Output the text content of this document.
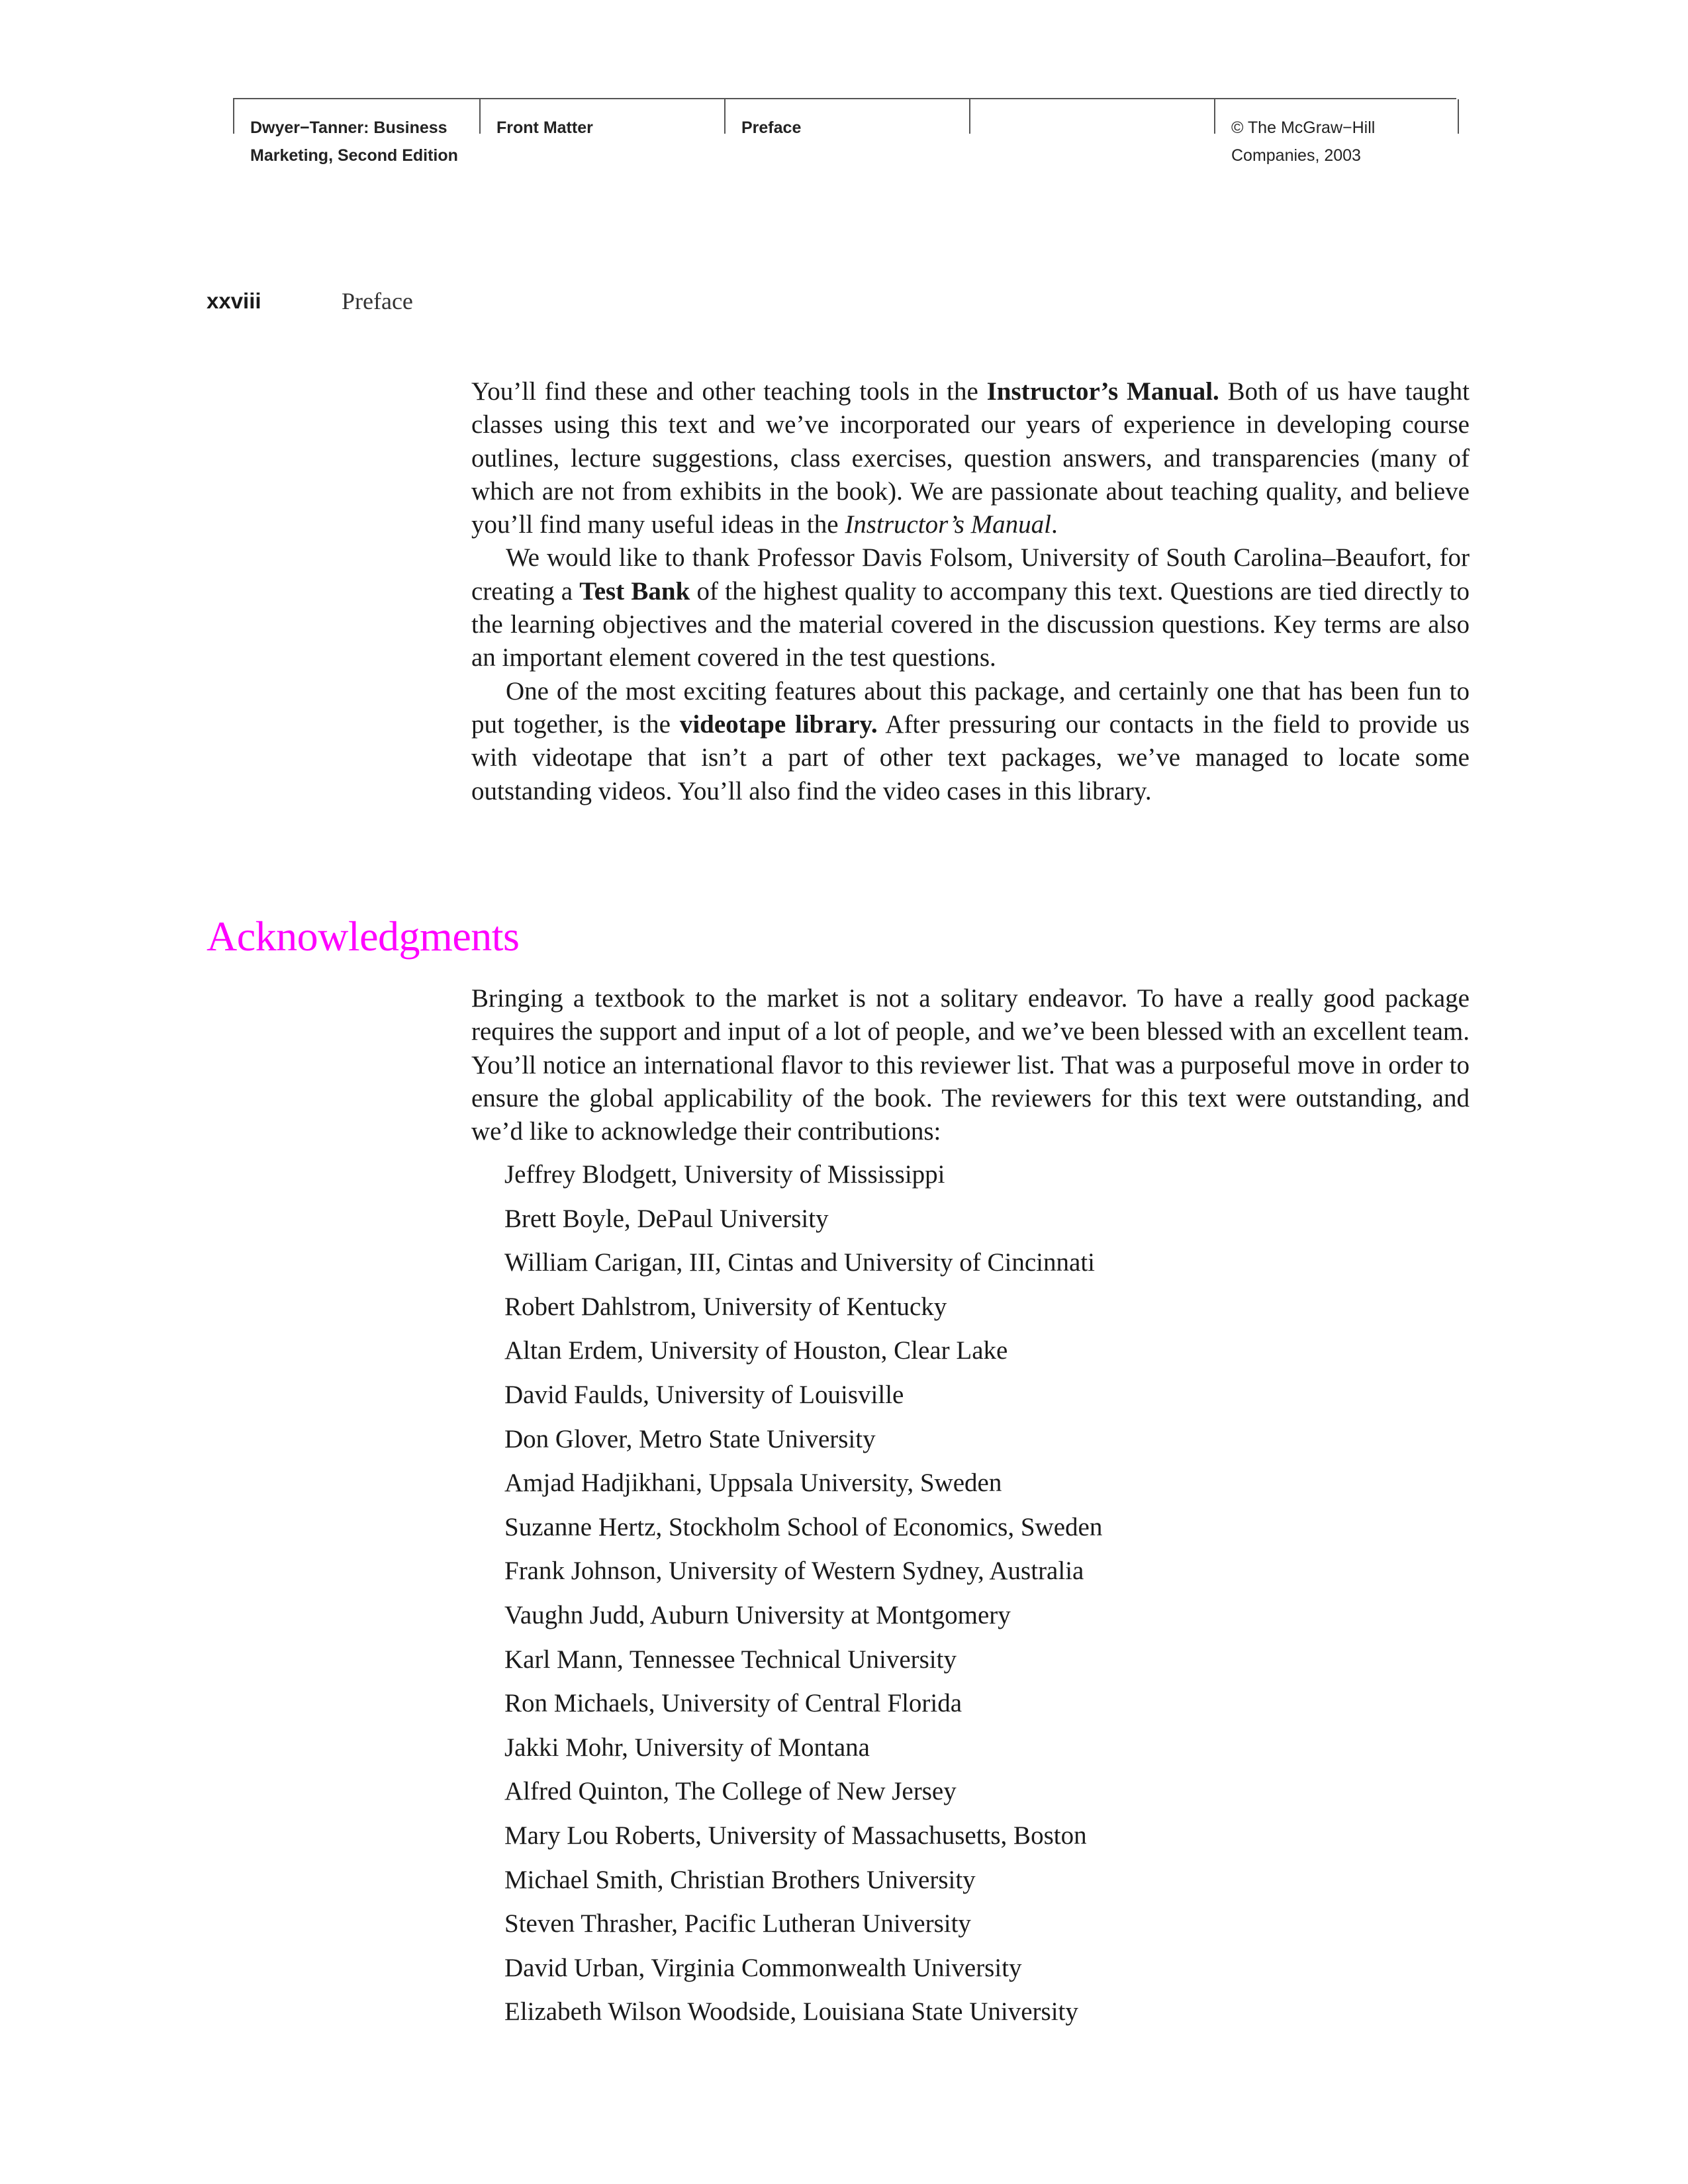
Dwyer−Tanner: Business
Marketing, Second Edition
Front Matter	Preface	© The McGraw−Hill
Companies, 2003
xxviii	Preface

You’ll find these and other teaching tools in the Instructor’s Manual. Both of us have taught classes using this text and we’ve incorporated our years of experience in developing course outlines, lecture suggestions, class exercises, question answers, and transparencies (many of which are not from exhibits in the book). We are passionate about teaching quality, and believe you’ll find many useful ideas in the Instructor’s Manual.

We would like to thank Professor Davis Folsom, University of South Carolina–Beaufort, for creating a Test Bank of the highest quality to accompany this text. Questions are tied directly to the learning objectives and the material covered in the discussion questions. Key terms are also an important element covered in the test questions.

One of the most exciting features about this package, and certainly one that has been fun to put together, is the videotape library. After pressuring our contacts in the field to provide us with videotape that isn’t a part of other text packages, we’ve managed to locate some outstanding videos. You’ll also find the video cases in this library.

Acknowledgments

Bringing a textbook to the market is not a solitary endeavor. To have a really good package requires the support and input of a lot of people, and we’ve been blessed with an excellent team. You’ll notice an international flavor to this reviewer list. That was a purposeful move in order to ensure the global applicability of the book. The reviewers for this text were outstanding, and we’d like to acknowledge their contributions:

Jeffrey Blodgett, University of Mississippi
Brett Boyle, DePaul University
William Carigan, III, Cintas and University of Cincinnati
Robert Dahlstrom, University of Kentucky
Altan Erdem, University of Houston, Clear Lake
David Faulds, University of Louisville
Don Glover, Metro State University
Amjad Hadjikhani, Uppsala University, Sweden
Suzanne Hertz, Stockholm School of Economics, Sweden
Frank Johnson, University of Western Sydney, Australia
Vaughn Judd, Auburn University at Montgomery
Karl Mann, Tennessee Technical University
Ron Michaels, University of Central Florida
Jakki Mohr, University of Montana
Alfred Quinton, The College of New Jersey
Mary Lou Roberts, University of Massachusetts, Boston
Michael Smith, Christian Brothers University
Steven Thrasher, Pacific Lutheran University
David Urban, Virginia Commonwealth University
Elizabeth Wilson Woodside, Louisiana State University
